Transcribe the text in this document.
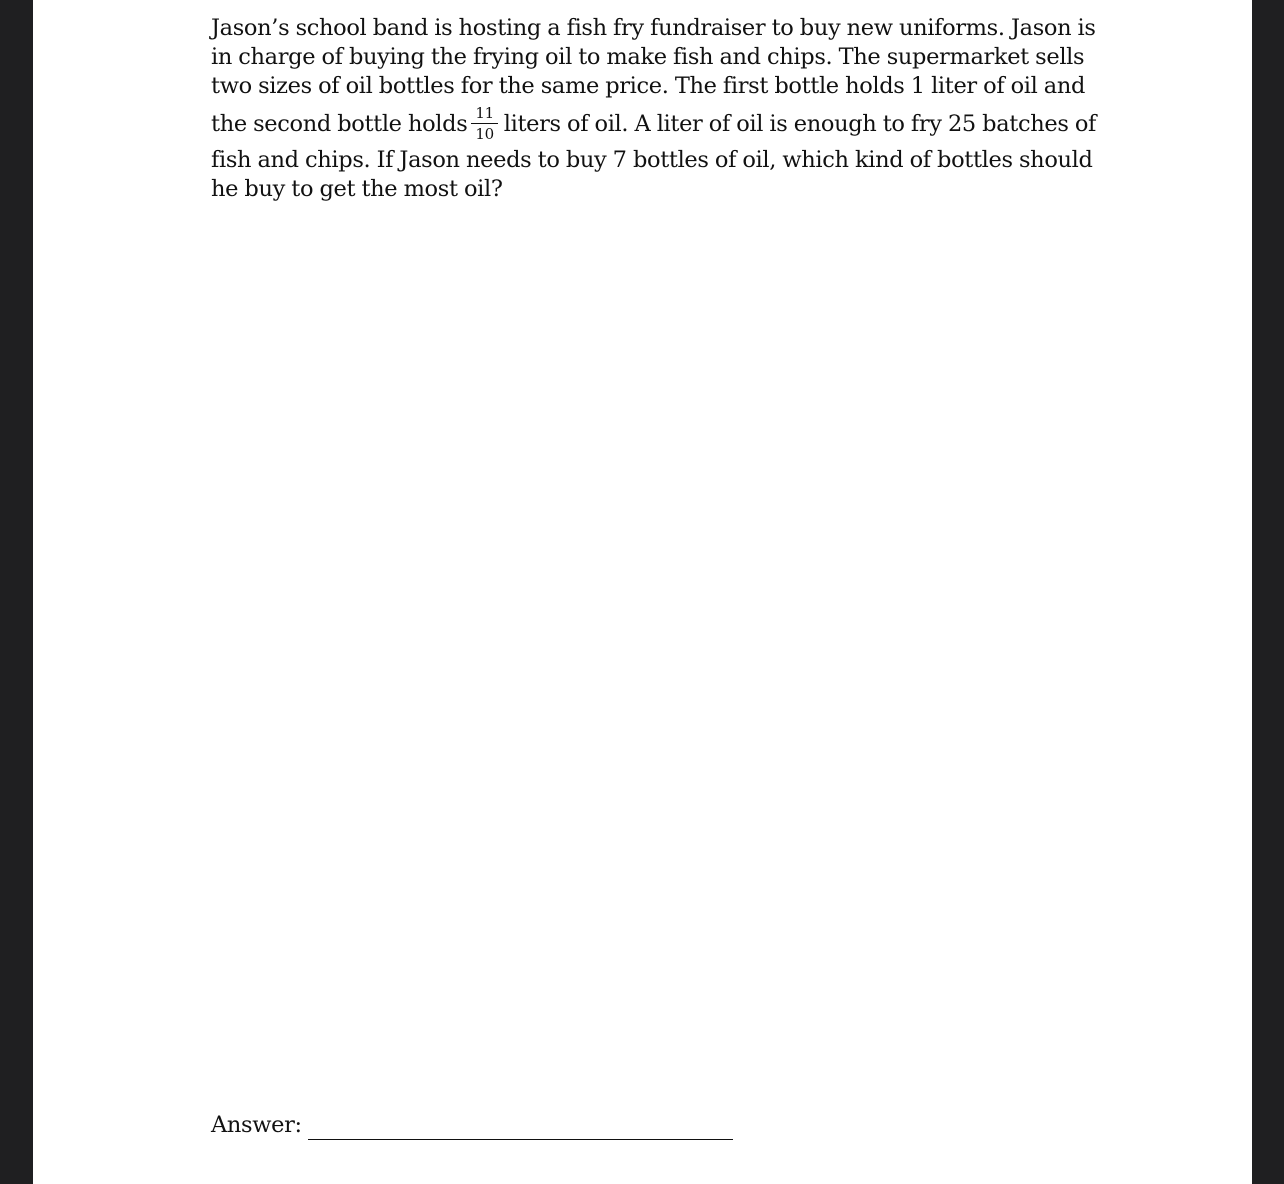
Jason’s school band is hosting a fish fry fundraiser to buy new uniforms. Jason is
in charge of buying the frying oil to make fish and chips. The supermarket sells
two sizes of oil bottles for the same price. The first bottle holds 1 liter of oil and
the second bottle holds $\frac{11}{10}$ liters of oil. A liter of oil is enough to fry 25 batches of
fish and chips. If Jason needs to buy 7 bottles of oil, which kind of bottles should
he buy to get the most oil?

Answer:
